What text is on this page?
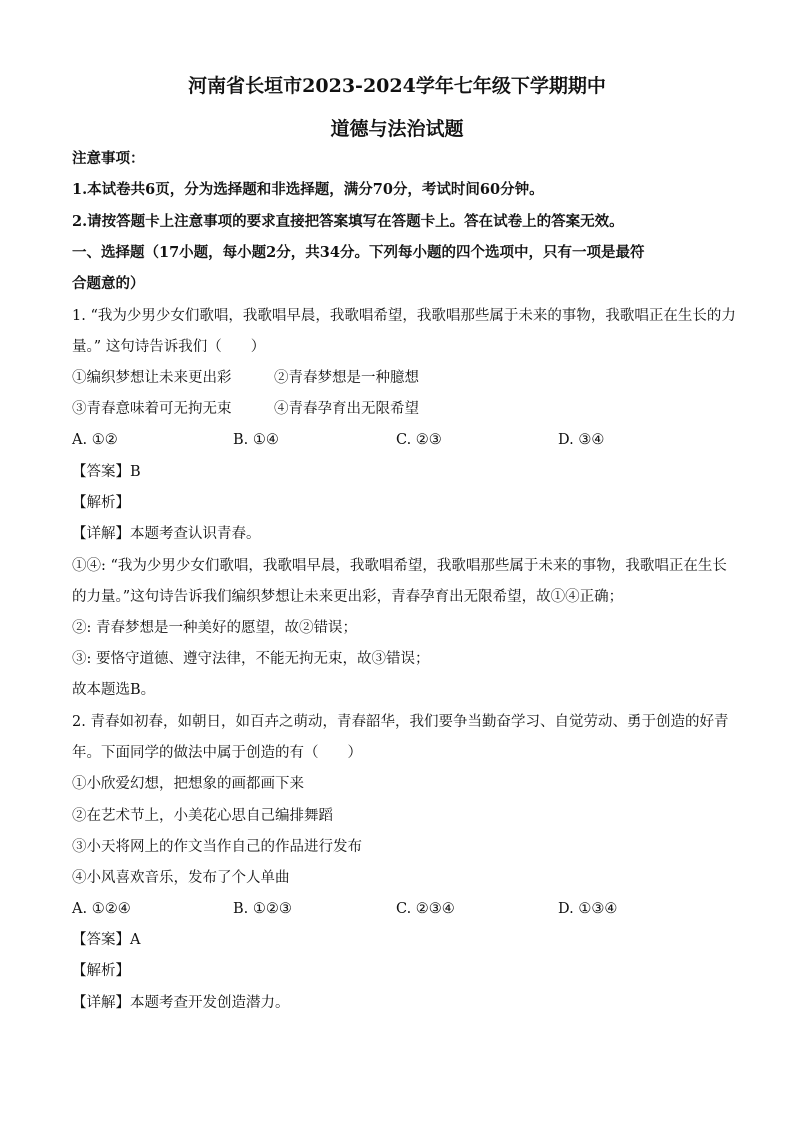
河南省长垣市2023-2024学年七年级下学期期中
道德与法治试题
注意事项：
1.本试卷共6页，分为选择题和非选择题，满分70分，考试时间60分钟。
2.请按答题卡上注意事项的要求直接把答案填写在答题卡上。答在试卷上的答案无效。
一、选择题（17小题，每小题2分，共34分。下列每小题的四个选项中，只有一项是最符
合题意的）
1. “我为少男少女们歌唱，我歌唱早晨，我歌唱希望，我歌唱那些属于未来的事物，我歌唱正在生长的力
量。” 这句诗告诉我们（　　）
①编织梦想让未来更出彩	②青春梦想是一种臆想
③青春意味着可无拘无束	④青春孕育出无限希望
A. ①②	B. ①④	C. ②③	D. ③④
【答案】B
【解析】
【详解】本题考查认识青春。
①④: “我为少男少女们歌唱，我歌唱早晨，我歌唱希望，我歌唱那些属于未来的事物，我歌唱正在生长
的力量。”这句诗告诉我们编织梦想让未来更出彩，青春孕育出无限希望，故①④正确；
②: 青春梦想是一种美好的愿望，故②错误；
③: 要恪守道德、遵守法律，不能无拘无束，故③错误；
故本题选B。
2. 青春如初春，如朝日，如百卉之萌动，青春韶华，我们要争当勤奋学习、自觉劳动、勇于创造的好青
年。下面同学的做法中属于创造的有（　　）
①小欣爱幻想，把想象的画都画下来
②在艺术节上，小美花心思自己编排舞蹈
③小天将网上的作文当作自己的作品进行发布
④小风喜欢音乐，发布了个人单曲
A. ①②④	B. ①②③	C. ②③④	D. ①③④
【答案】A
【解析】
【详解】本题考查开发创造潜力。
